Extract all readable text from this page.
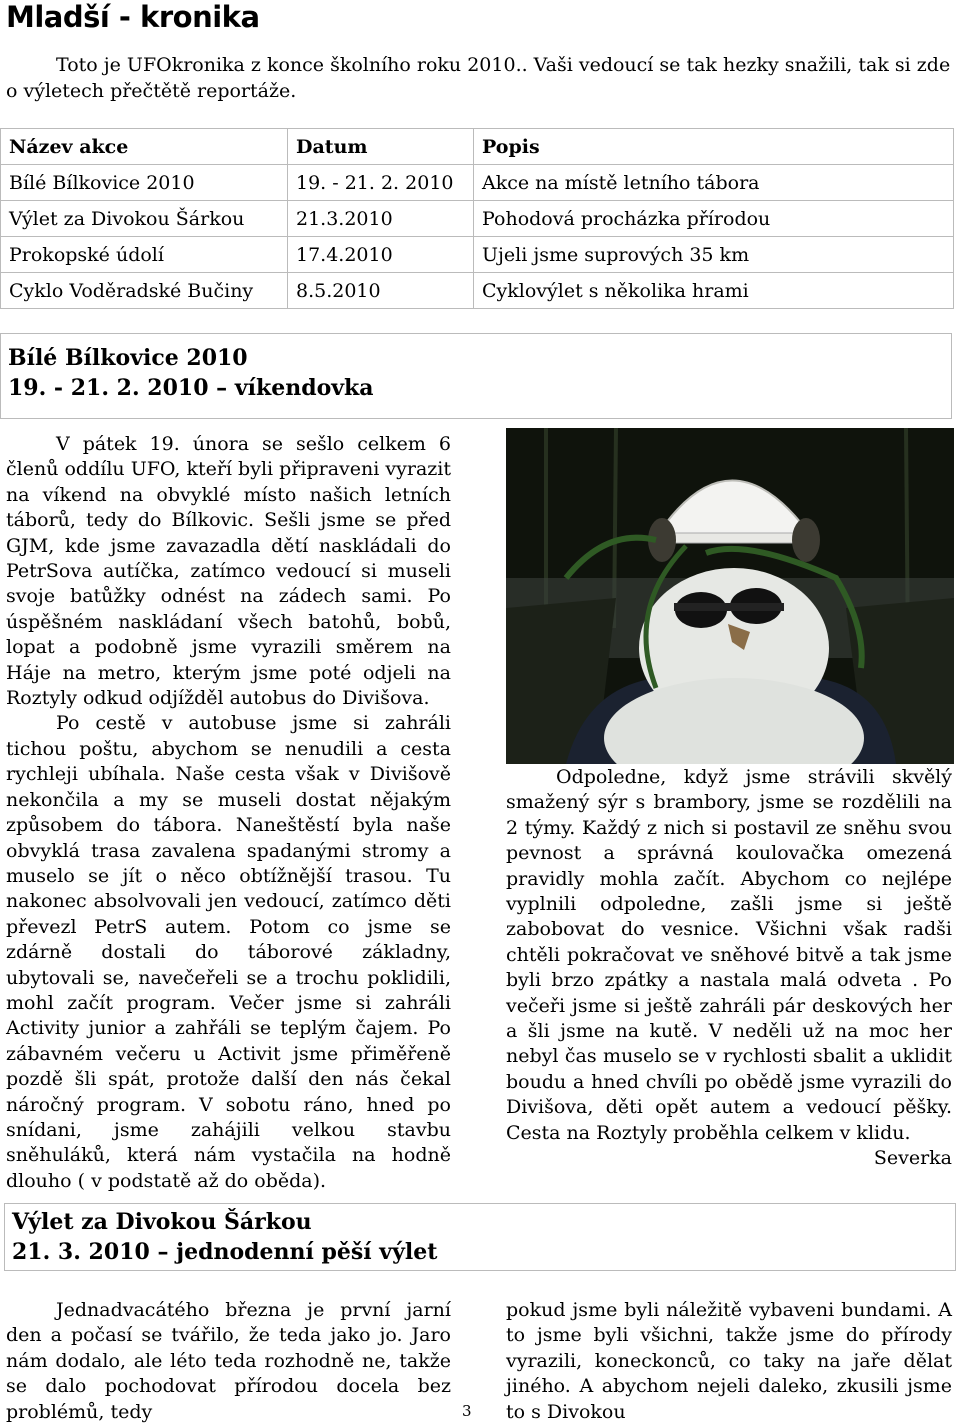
Mladší - kronika
Toto je UFOkronika z konce školního roku 2010.. Vaši vedoucí se tak hezky snažili, tak si zde o výletech přečtětě reportáže.
Název akce	Datum	Popis
Bílé Bílkovice 2010	19. - 21. 2. 2010	Akce na místě letního tábora
Výlet za Divokou Šárkou	21.3.2010	Pohodová procházka přírodou
Prokopské údolí	17.4.2010	Ujeli jsme suprových 35 km
Cyklo Voděradské Bučiny	8.5.2010	Cyklovýlet s několika hrami
Bílé Bílkovice 2010
19. - 21. 2. 2010 – víkendovka

V pátek 19. února se sešlo celkem 6 členů oddílu UFO, kteří byli připraveni vyrazit na víkend na obvyklé místo našich letních táborů, tedy do Bílkovic. Sešli jsme se před GJM, kde jsme zavazadla dětí naskládali do PetrSova autíčka, zatímco vedoucí si museli svoje batůžky odnést na zádech sami. Po úspěšném naskládaní všech batohů, bobů, lopat a podobně jsme vyrazili směrem na Háje na metro, kterým jsme poté odjeli na Roztyly odkud odjížděl autobus do Divišova.

Po cestě v autobuse jsme si zahráli tichou poštu, abychom se nenudili a cesta rychleji ubíhala. Naše cesta však v Divišově nekončila a my se museli dostat nějakým způsobem do tábora. Naneštěstí byla naše obvyklá trasa zavalena spadanými stromy a muselo se jít o něco obtížnější trasou. Tu nakonec absolvovali jen vedoucí, zatímco děti převezl PetrS autem. Potom co jsme se zdárně dostali do táborové základny, ubytovali se, navečeřeli se a trochu poklidili, mohl začít program. Večer jsme si zahráli Activity junior a zahřáli se teplým čajem. Po zábavném večeru u Activit jsme přiměřeně pozdě šli spát, protože další den nás čekal náročný program. V sobotu ráno, hned po snídani, jsme zahájili velkou stavbu sněhuláků, která nám vystačila na hodně dlouho ( v podstatě až do oběda).

Odpoledne, když jsme strávili skvělý smažený sýr s brambory, jsme se rozdělili na 2 týmy. Každý z nich si postavil ze sněhu svou pevnost a správná koulovačka omezená pravidly mohla začít. Abychom co nejlépe vyplnili odpoledne, zašli jsme si ještě zabobovat do vesnice. Všichni však radši chtěli pokračovat ve sněhové bitvě a tak jsme byli brzo zpátky a nastala malá odveta . Po večeři jsme si ještě zahráli pár deskových her a šli jsme na kutě. V neděli už na moc her nebyl čas muselo se v rychlosti sbalit a uklidit boudu a hned chvíli po obědě jsme vyrazili do Divišova, děti opět autem a vedoucí pěšky. Cesta na Roztyly proběhla celkem v klidu.
Severka

Výlet za Divokou Šárkou
21. 3. 2010 – jednodenní pěší výlet

Jednadvacátého března je první jarní den a počasí se tvářilo, že teda jako jo. Jaro nám dodalo, ale léto teda rozhodně ne, takže se dalo pochodovat přírodou docela bez problémů, tedy

pokud jsme byli náležitě vybaveni bundami. A to jsme byli všichni, takže jsme do přírody vyrazili, koneckonců, co taky na jaře dělat jiného. A abychom nejeli daleko, zkusili jsme to s Divokou

3
